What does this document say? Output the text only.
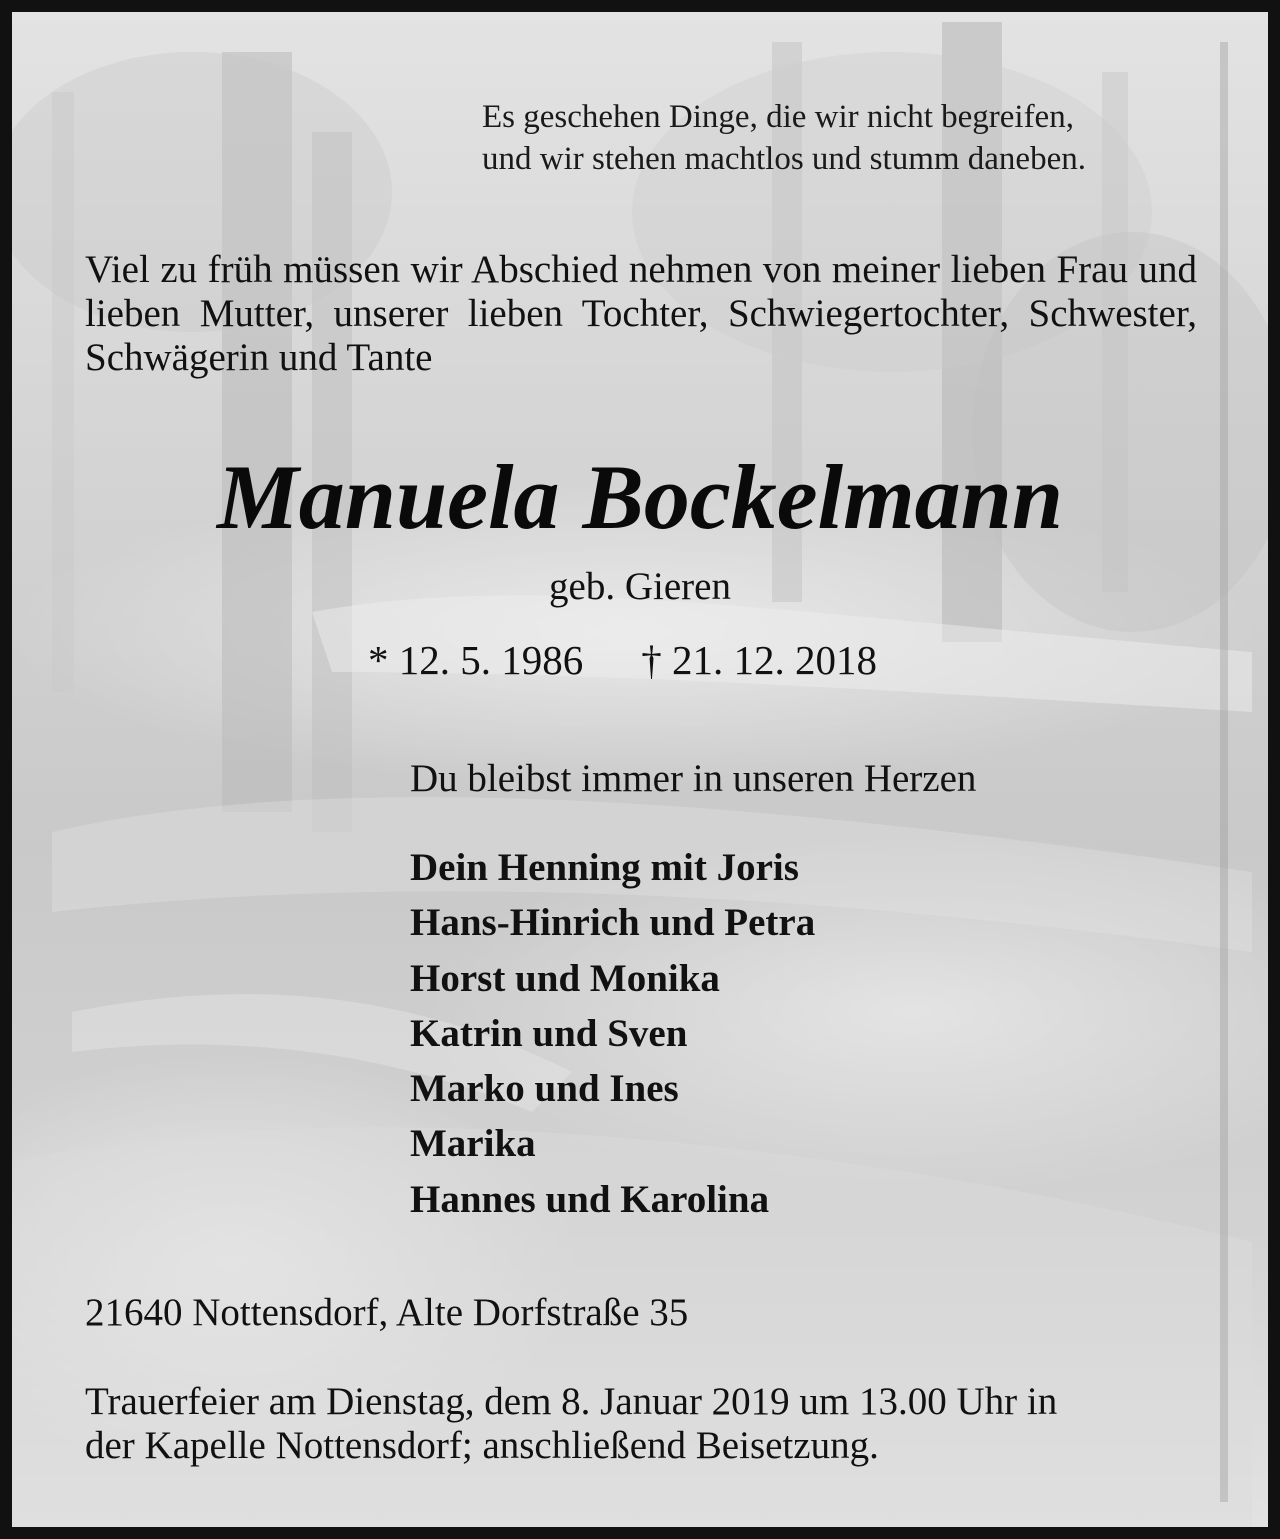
Es geschehen Dinge, die wir nicht begreifen,
und wir stehen machtlos und stumm daneben.
Viel zu früh müssen wir Abschied nehmen von meiner lieben Frau und lieben Mutter, unserer lieben Tochter, Schwiegertochter, Schwester, Schwägerin und Tante
Manuela Bockelmann
geb. Gieren
* 12. 5. 1986 † 21. 12. 2018
Du bleibst immer in unseren Herzen
Dein Henning mit Joris
Hans-Hinrich und Petra
Horst und Monika
Katrin und Sven
Marko und Ines
Marika
Hannes und Karolina
21640 Nottensdorf, Alte Dorfstraße 35
Trauerfeier am Dienstag, dem 8. Januar 2019 um 13.00 Uhr in
der Kapelle Nottensdorf; anschließend Beisetzung.
